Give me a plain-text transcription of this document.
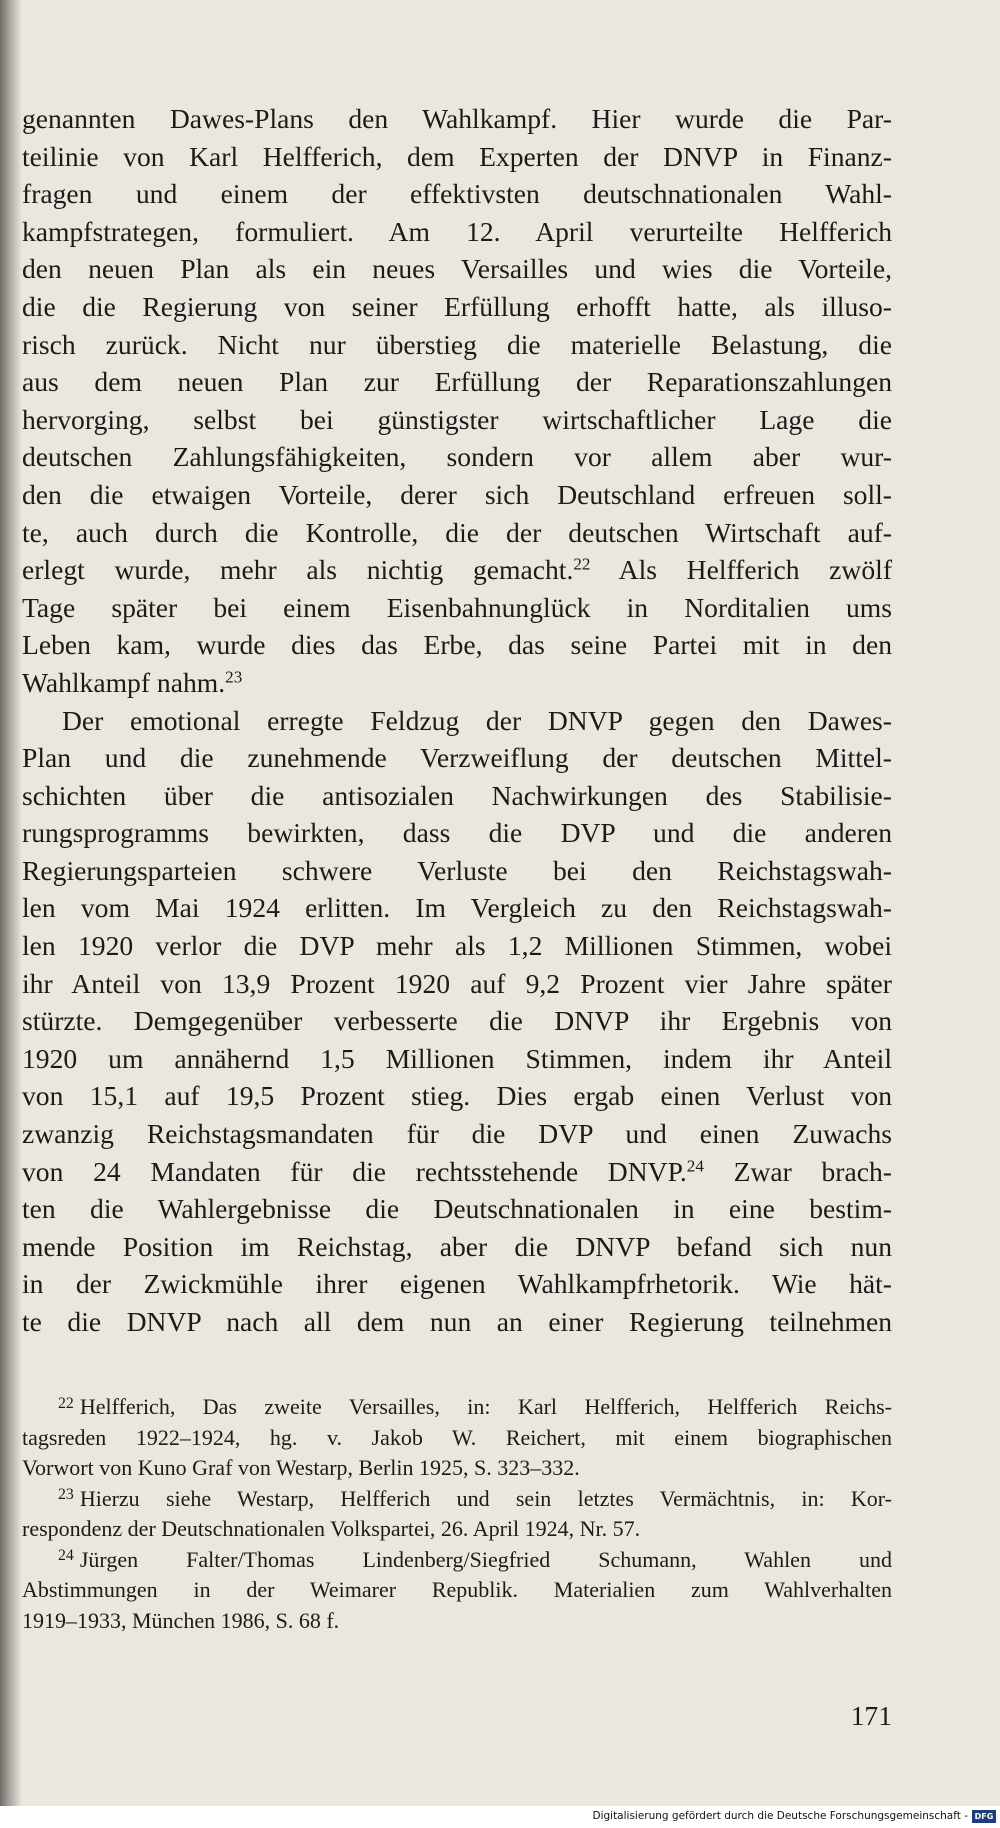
genannten Dawes-Plans den Wahlkampf. Hier wurde die Par-
teilinie von Karl Helfferich, dem Experten der DNVP in Finanz-
fragen und einem der effektivsten deutschnationalen Wahl-
kampfstrategen, formuliert. Am 12. April verurteilte Helfferich
den neuen Plan als ein neues Versailles und wies die Vorteile,
die die Regierung von seiner Erfüllung erhofft hatte, als illuso-
risch zurück. Nicht nur überstieg die materielle Belastung, die
aus dem neuen Plan zur Erfüllung der Reparationszahlungen
hervorging, selbst bei günstigster wirtschaftlicher Lage die
deutschen Zahlungsfähigkeiten, sondern vor allem aber wur-
den die etwaigen Vorteile, derer sich Deutschland erfreuen soll-
te, auch durch die Kontrolle, die der deutschen Wirtschaft auf-
erlegt wurde, mehr als nichtig gemacht.$^{22}$ Als Helfferich zwölf
Tage später bei einem Eisenbahnunglück in Norditalien ums
Leben kam, wurde dies das Erbe, das seine Partei mit in den
Wahlkampf nahm.$^{23}$
Der emotional erregte Feldzug der DNVP gegen den Dawes-
Plan und die zunehmende Verzweiflung der deutschen Mittel-
schichten über die antisozialen Nachwirkungen des Stabilisie-
rungsprogramms bewirkten, dass die DVP und die anderen
Regierungsparteien schwere Verluste bei den Reichstagswah-
len vom Mai 1924 erlitten. Im Vergleich zu den Reichstagswah-
len 1920 verlor die DVP mehr als 1,2 Millionen Stimmen, wobei
ihr Anteil von 13,9 Prozent 1920 auf 9,2 Prozent vier Jahre später
stürzte. Demgegenüber verbesserte die DNVP ihr Ergebnis von
1920 um annähernd 1,5 Millionen Stimmen, indem ihr Anteil
von 15,1 auf 19,5 Prozent stieg. Dies ergab einen Verlust von
zwanzig Reichstagsmandaten für die DVP und einen Zuwachs
von 24 Mandaten für die rechtsstehende DNVP.$^{24}$ Zwar brach-
ten die Wahlergebnisse die Deutschnationalen in eine bestim-
mende Position im Reichstag, aber die DNVP befand sich nun
in der Zwickmühle ihrer eigenen Wahlkampfrhetorik. Wie hät-
te die DNVP nach all dem nun an einer Regierung teilnehmen
$^{22}$ Helfferich, Das zweite Versailles, in: Karl Helfferich, Helfferich Reichs-
tagsreden 1922–1924, hg. v. Jakob W. Reichert, mit einem biographischen
Vorwort von Kuno Graf von Westarp, Berlin 1925, S. 323–332.
$^{23}$ Hierzu siehe Westarp, Helfferich und sein letztes Vermächtnis, in: Kor-
respondenz der Deutschnationalen Volkspartei, 26. April 1924, Nr. 57.
$^{24}$ Jürgen Falter/Thomas Lindenberg/Siegfried Schumann, Wahlen und
Abstimmungen in der Weimarer Republik. Materialien zum Wahlverhalten
1919–1933, München 1986, S. 68 f.
171
Digitalisierung gefördert durch die Deutsche Forschungsgemeinschaft - DFG
